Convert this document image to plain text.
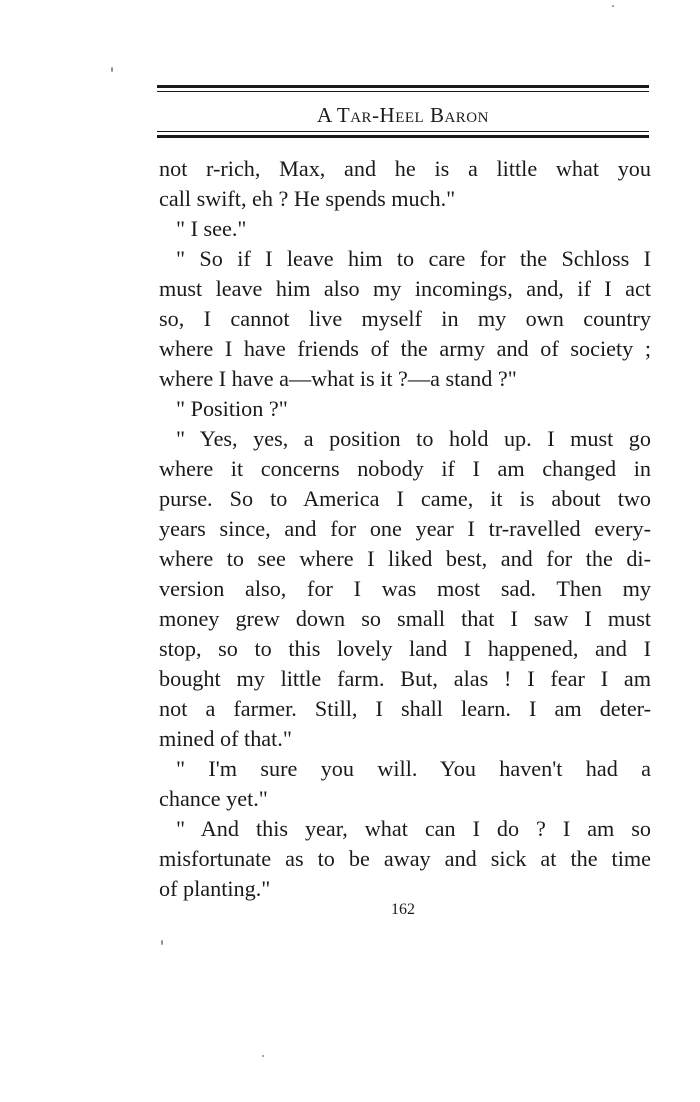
A Tar-Heel Baron
not r-rich, Max, and he is a little what you
call swift, eh ? He spends much."
" I see."
" So if I leave him to care for the Schloss I
must leave him also my incomings, and, if I act
so, I cannot live myself in my own country
where I have friends of the army and of society ;
where I have a—what is it ?—a stand ?"
" Position ?"
" Yes, yes, a position to hold up. I must go
where it concerns nobody if I am changed in
purse. So to America I came, it is about two
years since, and for one year I tr-ravelled every-
where to see where I liked best, and for the di-
version also, for I was most sad. Then my
money grew down so small that I saw I must
stop, so to this lovely land I happened, and I
bought my little farm. But, alas ! I fear I am
not a farmer. Still, I shall learn. I am deter-
mined of that."
" I'm sure you will. You haven't had a
chance yet."
" And this year, what can I do ? I am so
misfortunate as to be away and sick at the time
of planting."
162
